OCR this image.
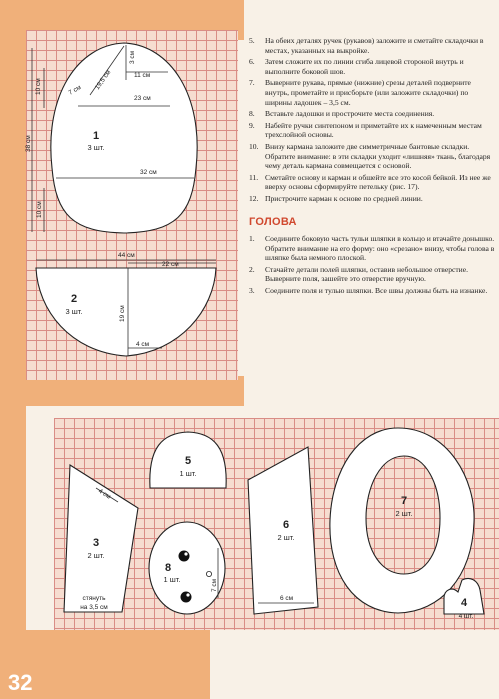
10 см	19,5 см
7 см
3 см
11 см
23 см
38 см
32 см
10 см
44 см
22 см
19 см
4 см
1
2
3 шт.
3 шт.
5. На обеих деталях ручек (рукавов) заложите и сметайте складочки в местах, указанных на выкройке.
6. Затем сложите их по линии сгиба лицевой стороной внутрь и выполните боковой шов.
7. Выверните рукава, прямые (нижние) срезы деталей подверните внутрь, прометайте и присборьте (или заложите складочки) по ширины ладошек – 3,5 см.
8. Вставьте ладошки и прострочите места соединения.
9. Набейте ручки синтепоном и приметайте их к намеченным местам трехслойной основы.
10. Внизу кармана заложите две симметричные бантовые складки. Обратите внимание: в эти складки уходит «лишняя» ткань, благодаря чему деталь кармана совмещается с основой.
11. Сметайте основу и карман и обшейте все это косой бейкой. Из нее же вверху основы сформируйте петельку (рис. 17).
12. Пристрочите карман к основе по средней линии.
ГОЛОВА
1. Соедините боковую часть тульи шляпки в кольцо и втачайте донышко. Обратите внимание на его форму: оно «срезано» внизу, чтобы голова в шляпке была немного плоской.
2. Стачайте детали полей шляпки, оставив небольшое отверстие. Выверните поля, зашейте это отверстие вручную.
3. Соедините поля и тулью шляпки. Все швы должны быть на изнанке.
3
5
6
7
8
4
2 шт.
1 шт.
2 шт.
2 шт.
1 шт.
4 шт.
4 см
стянуть
на 3,5 см
7 см
6 см
32
